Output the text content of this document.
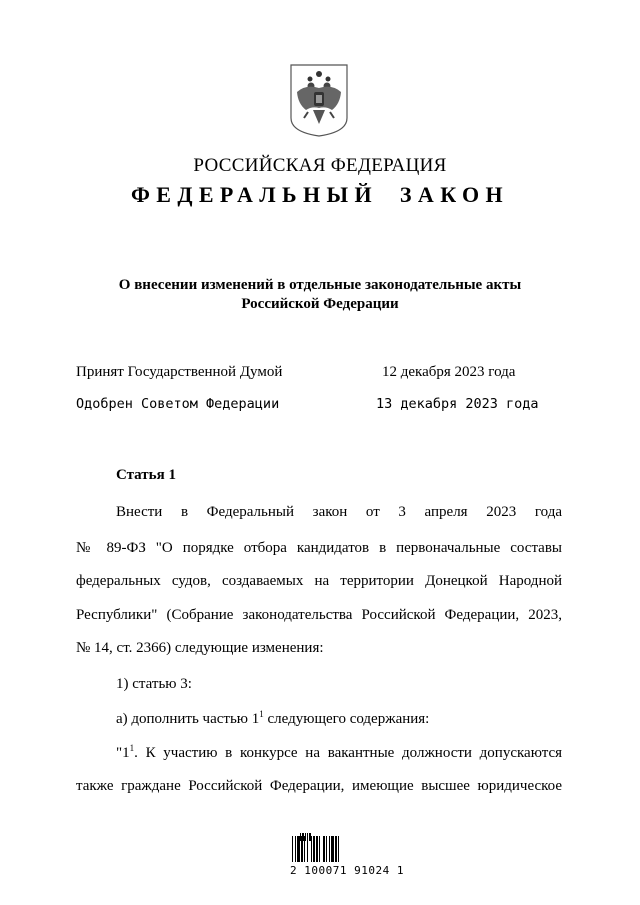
РОССИЙСКАЯ ФЕДЕРАЦИЯ
ФЕДЕРАЛЬНЫЙ ЗАКОН
О внесении изменений в отдельные законодательные акты
Российской Федерации
Принят Государственной Думой	12 декабря 2023 года
Одобрен Советом Федерации	13 декабря 2023 года
Статья 1
Внести в Федеральный закон от 3 апреля 2023 года
№ 89-ФЗ "О порядке отбора кандидатов в первоначальные составы
федеральных судов, создаваемых на территории Донецкой Народной
Республики" (Собрание законодательства Российской Федерации, 2023,
№ 14, ст. 2366) следующие изменения:
1) статью 3:
а) дополнить частью $1^1$ следующего содержания:
"$1^1$. К участию в конкурсе на вакантные должности допускаются
также граждане Российской Федерации, имеющие высшее юридическое
2 100071 91024 1
